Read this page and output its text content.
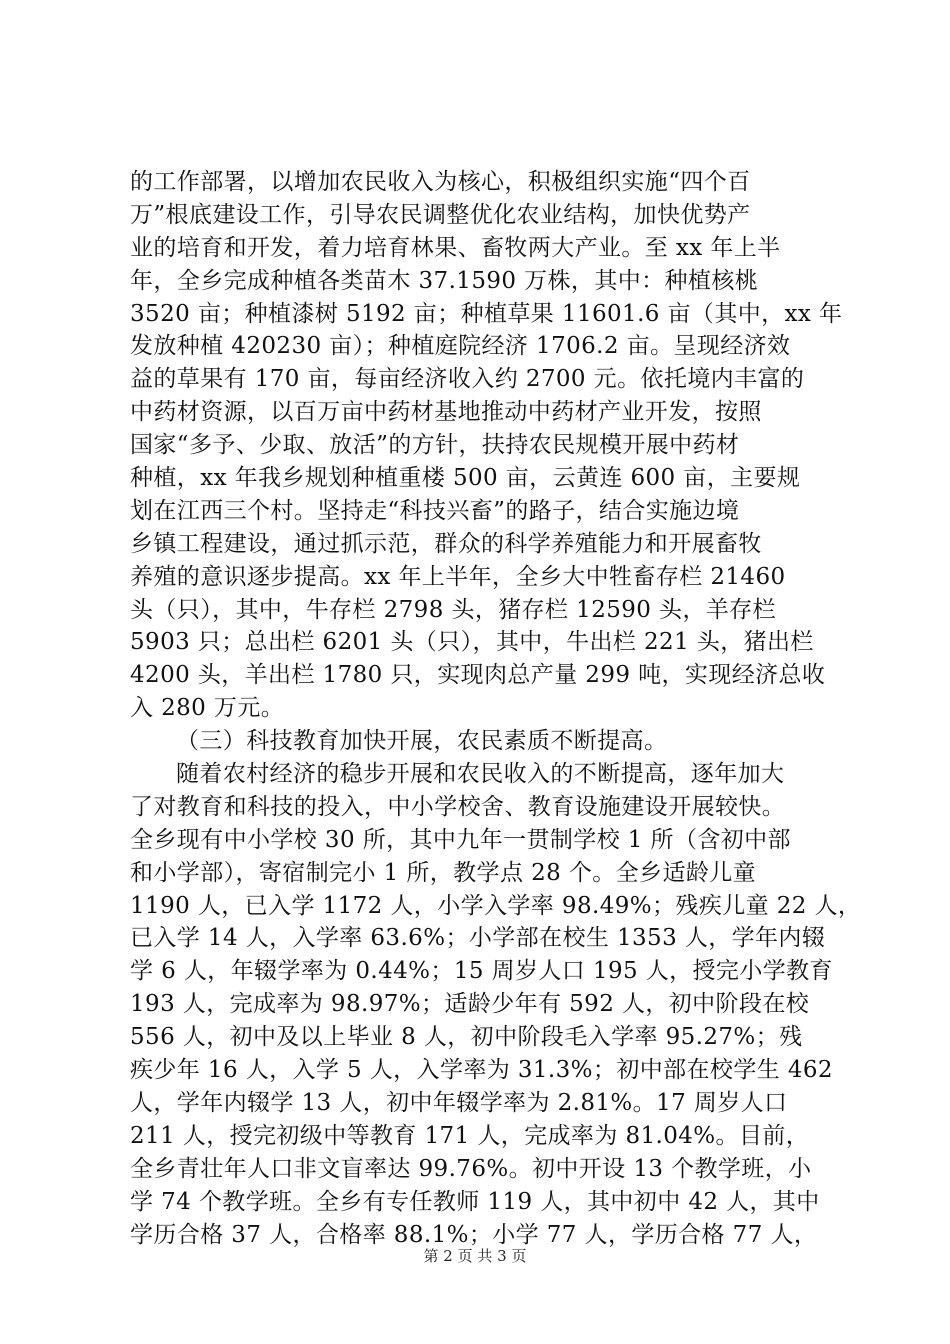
的工作部署，以增加农民收入为核心，积极组织实施“四个百
万”根底建设工作，引导农民调整优化农业结构，加快优势产
业的培育和开发，着力培育林果、畜牧两大产业。至 xx 年上半
年，全乡完成种植各类苗木 37.1590 万株，其中：种植核桃
3520 亩；种植漆树 5192 亩；种植草果 11601.6 亩（其中，xx 年
发放种植 420230 亩）；种植庭院经济 1706.2 亩。呈现经济效
益的草果有 170 亩，每亩经济收入约 2700 元。依托境内丰富的
中药材资源，以百万亩中药材基地推动中药材产业开发，按照
国家“多予、少取、放活”的方针，扶持农民规模开展中药材
种植，xx 年我乡规划种植重楼 500 亩，云黄连 600 亩，主要规
划在江西三个村。坚持走“科技兴畜”的路子，结合实施边境
乡镇工程建设，通过抓示范，群众的科学养殖能力和开展畜牧
养殖的意识逐步提高。xx 年上半年，全乡大中牲畜存栏 21460
头（只），其中，牛存栏 2798 头，猪存栏 12590 头，羊存栏
5903 只；总出栏 6201 头（只），其中，牛出栏 221 头，猪出栏
4200 头，羊出栏 1780 只，实现肉总产量 299 吨，实现经济总收
入 280 万元。
（三）科技教育加快开展，农民素质不断提高。
随着农村经济的稳步开展和农民收入的不断提高，逐年加大
了对教育和科技的投入，中小学校舍、教育设施建设开展较快。
全乡现有中小学校 30 所，其中九年一贯制学校 1 所（含初中部
和小学部），寄宿制完小 1 所，教学点 28 个。全乡适龄儿童
1190 人，已入学 1172 人，小学入学率 98.49%；残疾儿童 22 人，
已入学 14 人，入学率 63.6%；小学部在校生 1353 人，学年内辍
学 6 人，年辍学率为 0.44%；15 周岁人口 195 人，授完小学教育
193 人，完成率为 98.97%；适龄少年有 592 人，初中阶段在校
556 人，初中及以上毕业 8 人，初中阶段毛入学率 95.27%；残
疾少年 16 人，入学 5 人，入学率为 31.3%；初中部在校学生 462
人，学年内辍学 13 人，初中年辍学率为 2.81%。17 周岁人口
211 人，授完初级中等教育 171 人，完成率为 81.04%。目前，
全乡青壮年人口非文盲率达 99.76%。初中开设 13 个教学班，小
学 74 个教学班。全乡有专任教师 119 人，其中初中 42 人，其中
学历合格 37 人，合格率 88.1%；小学 77 人，学历合格 77 人，
第 2 页 共 3 页
